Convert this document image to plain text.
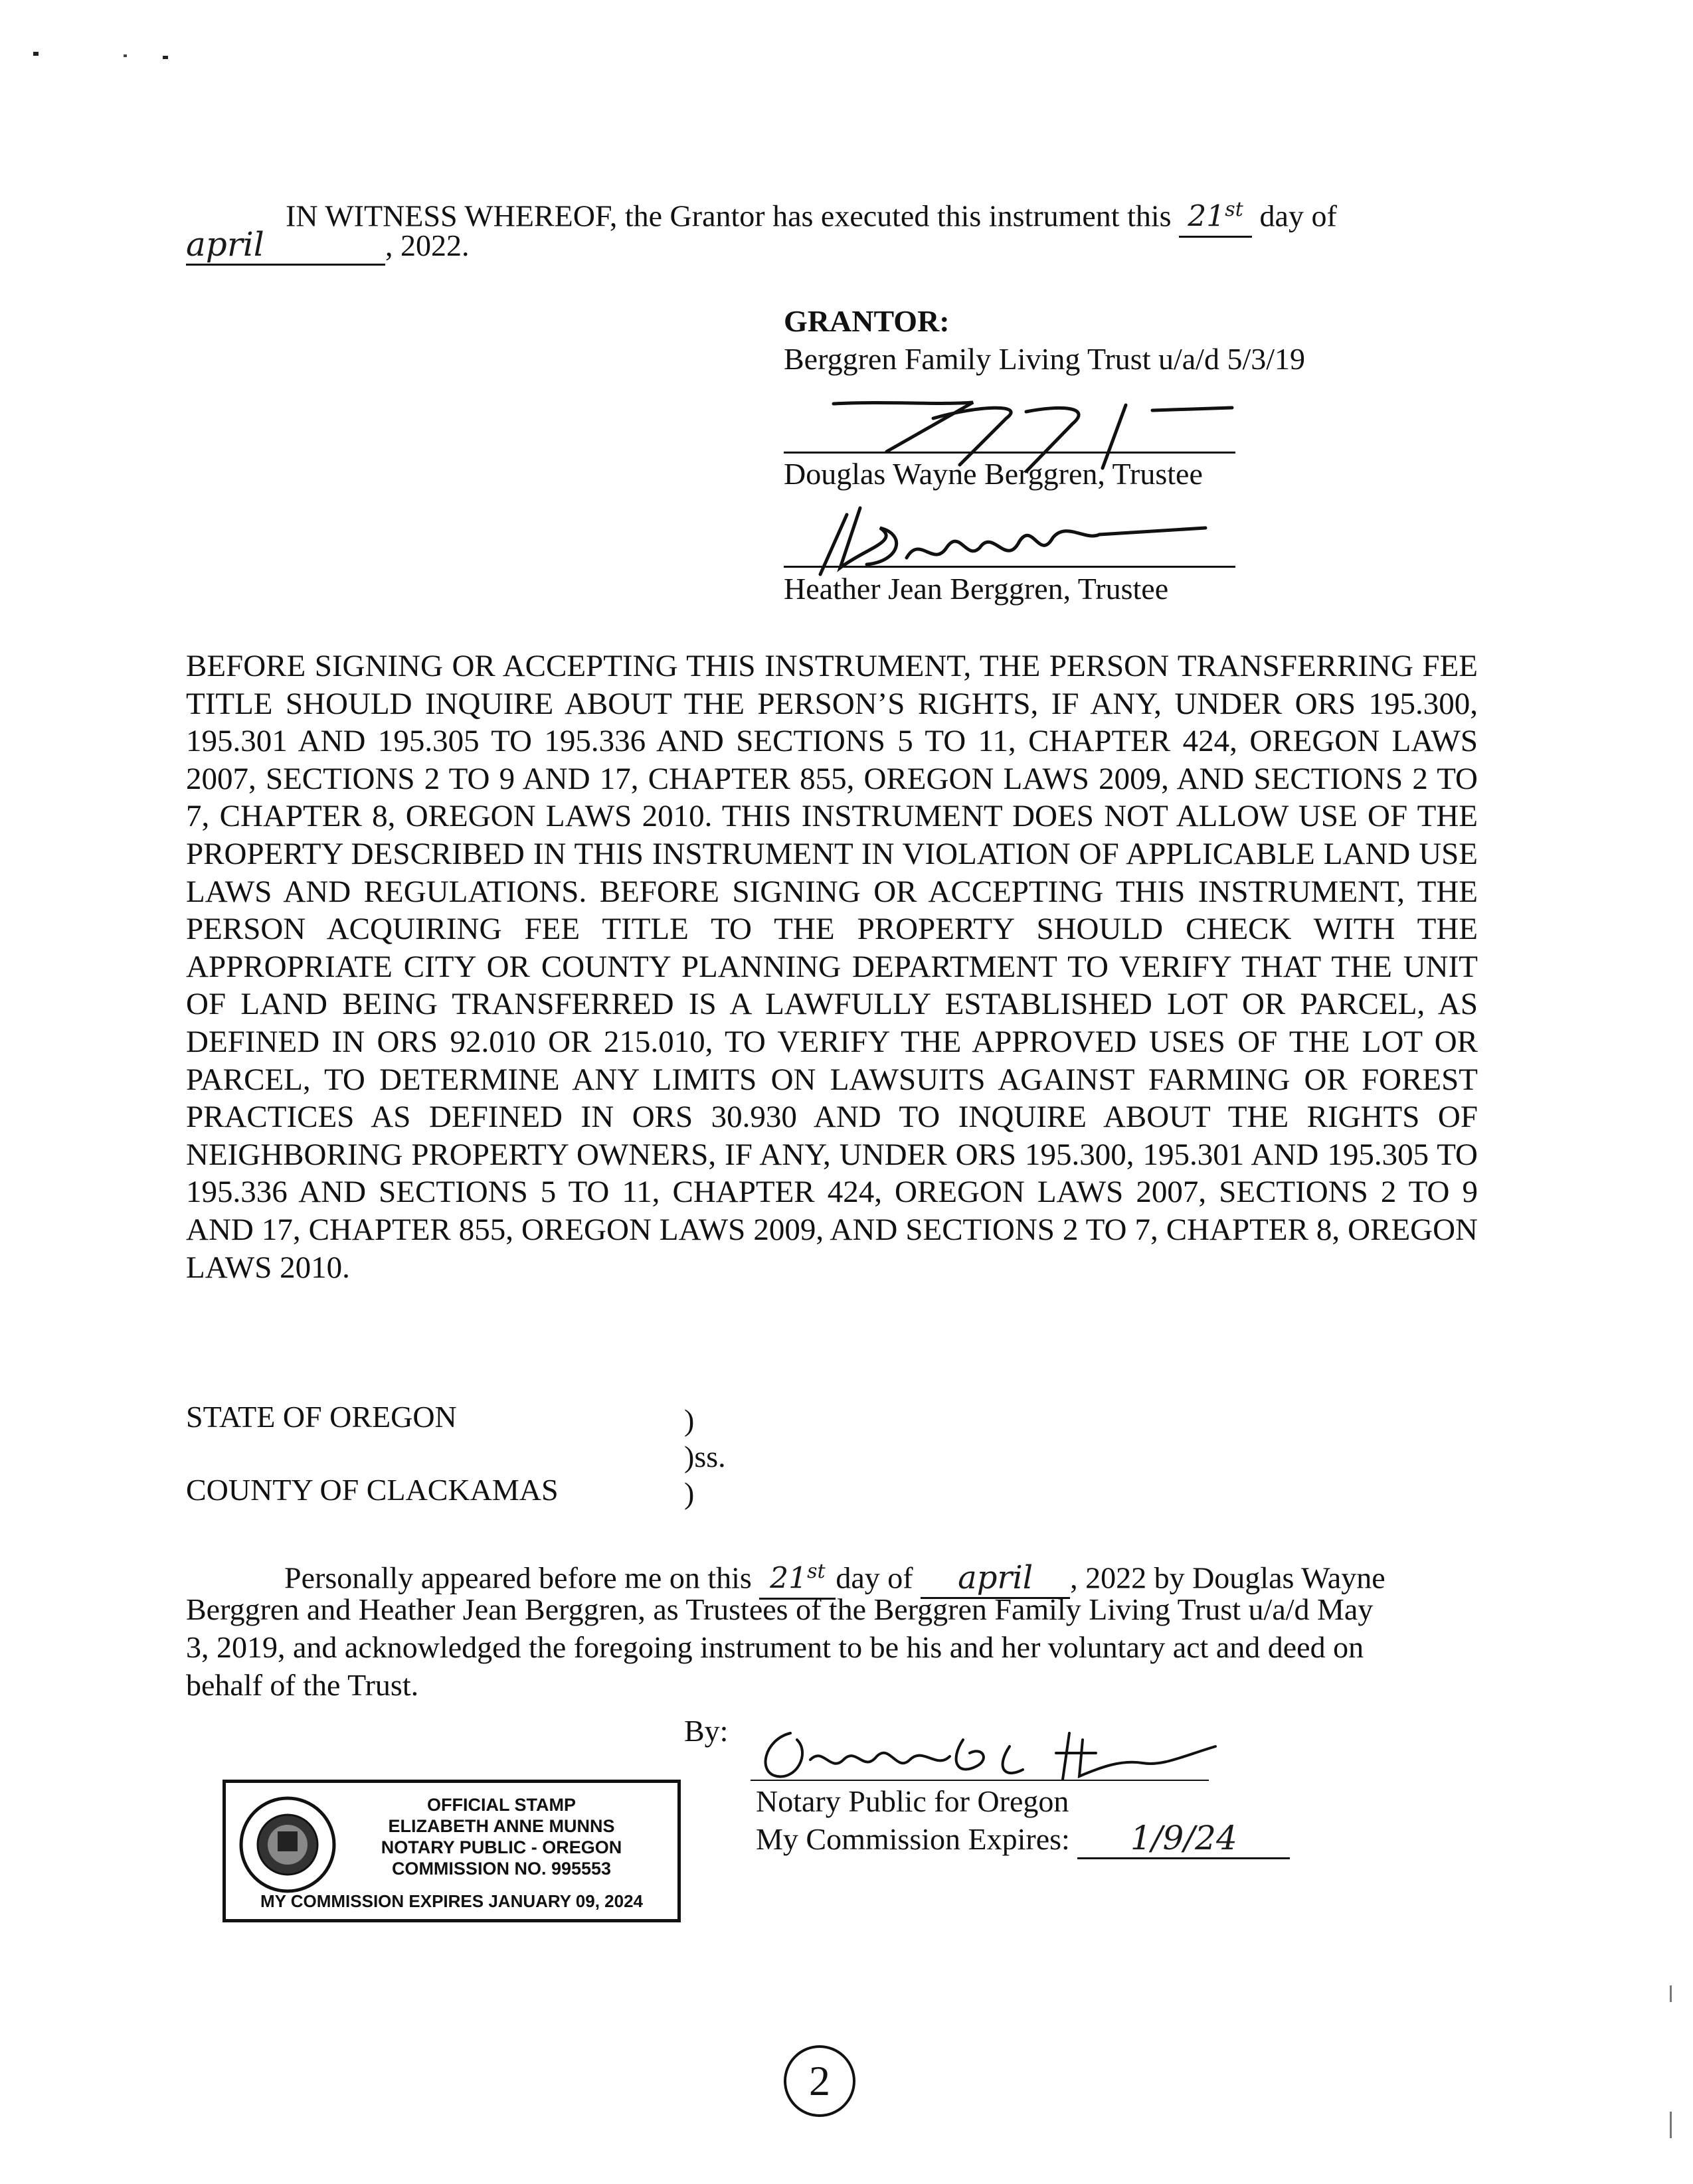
IN WITNESS WHEREOF, the Grantor has executed this instrument this 21st day of
april	, 2022.
GRANTOR:
Berggren Family Living Trust u/a/d 5/3/19
Douglas Wayne Berggren, Trustee
Heather Jean Berggren, Trustee
BEFORE SIGNING OR ACCEPTING THIS INSTRUMENT, THE PERSON TRANSFERRING FEE TITLE SHOULD INQUIRE ABOUT THE PERSON’S RIGHTS, IF ANY, UNDER ORS 195.300, 195.301 AND 195.305 TO 195.336 AND SECTIONS 5 TO 11, CHAPTER 424, OREGON LAWS 2007, SECTIONS 2 TO 9 AND 17, CHAPTER 855, OREGON LAWS 2009, AND SECTIONS 2 TO 7, CHAPTER 8, OREGON LAWS 2010. THIS INSTRUMENT DOES NOT ALLOW USE OF THE PROPERTY DESCRIBED IN THIS INSTRUMENT IN VIOLATION OF APPLICABLE LAND USE LAWS AND REGULATIONS. BEFORE SIGNING OR ACCEPTING THIS INSTRUMENT, THE PERSON ACQUIRING FEE TITLE TO THE PROPERTY SHOULD CHECK WITH THE APPROPRIATE CITY OR COUNTY PLANNING DEPARTMENT TO VERIFY THAT THE UNIT OF LAND BEING TRANSFERRED IS A LAWFULLY ESTABLISHED LOT OR PARCEL, AS DEFINED IN ORS 92.010 OR 215.010, TO VERIFY THE APPROVED USES OF THE LOT OR PARCEL, TO DETERMINE ANY LIMITS ON LAWSUITS AGAINST FARMING OR FOREST PRACTICES AS DEFINED IN ORS 30.930 AND TO INQUIRE ABOUT THE RIGHTS OF NEIGHBORING PROPERTY OWNERS, IF ANY, UNDER ORS 195.300, 195.301 AND 195.305 TO 195.336 AND SECTIONS 5 TO 11, CHAPTER 424, OREGON LAWS 2007, SECTIONS 2 TO 9 AND 17, CHAPTER 855, OREGON LAWS 2009, AND SECTIONS 2 TO 7, CHAPTER 8, OREGON LAWS 2010.
STATE OF OREGON	)
)ss.
COUNTY OF CLACKAMAS	)
Personally appeared before me on this 21st day of april , 2022 by Douglas Wayne
Berggren and Heather Jean Berggren, as Trustees of the Berggren Family Living Trust u/a/d May
3, 2019, and acknowledged the foregoing instrument to be his and her voluntary act and deed on
behalf of the Trust.
By:
Notary Public for Oregon
My Commission Expires: 1/9/24
OFFICIAL STAMP
ELIZABETH ANNE MUNNS
NOTARY PUBLIC - OREGON
COMMISSION NO. 995553
MY COMMISSION EXPIRES JANUARY 09, 2024
2
